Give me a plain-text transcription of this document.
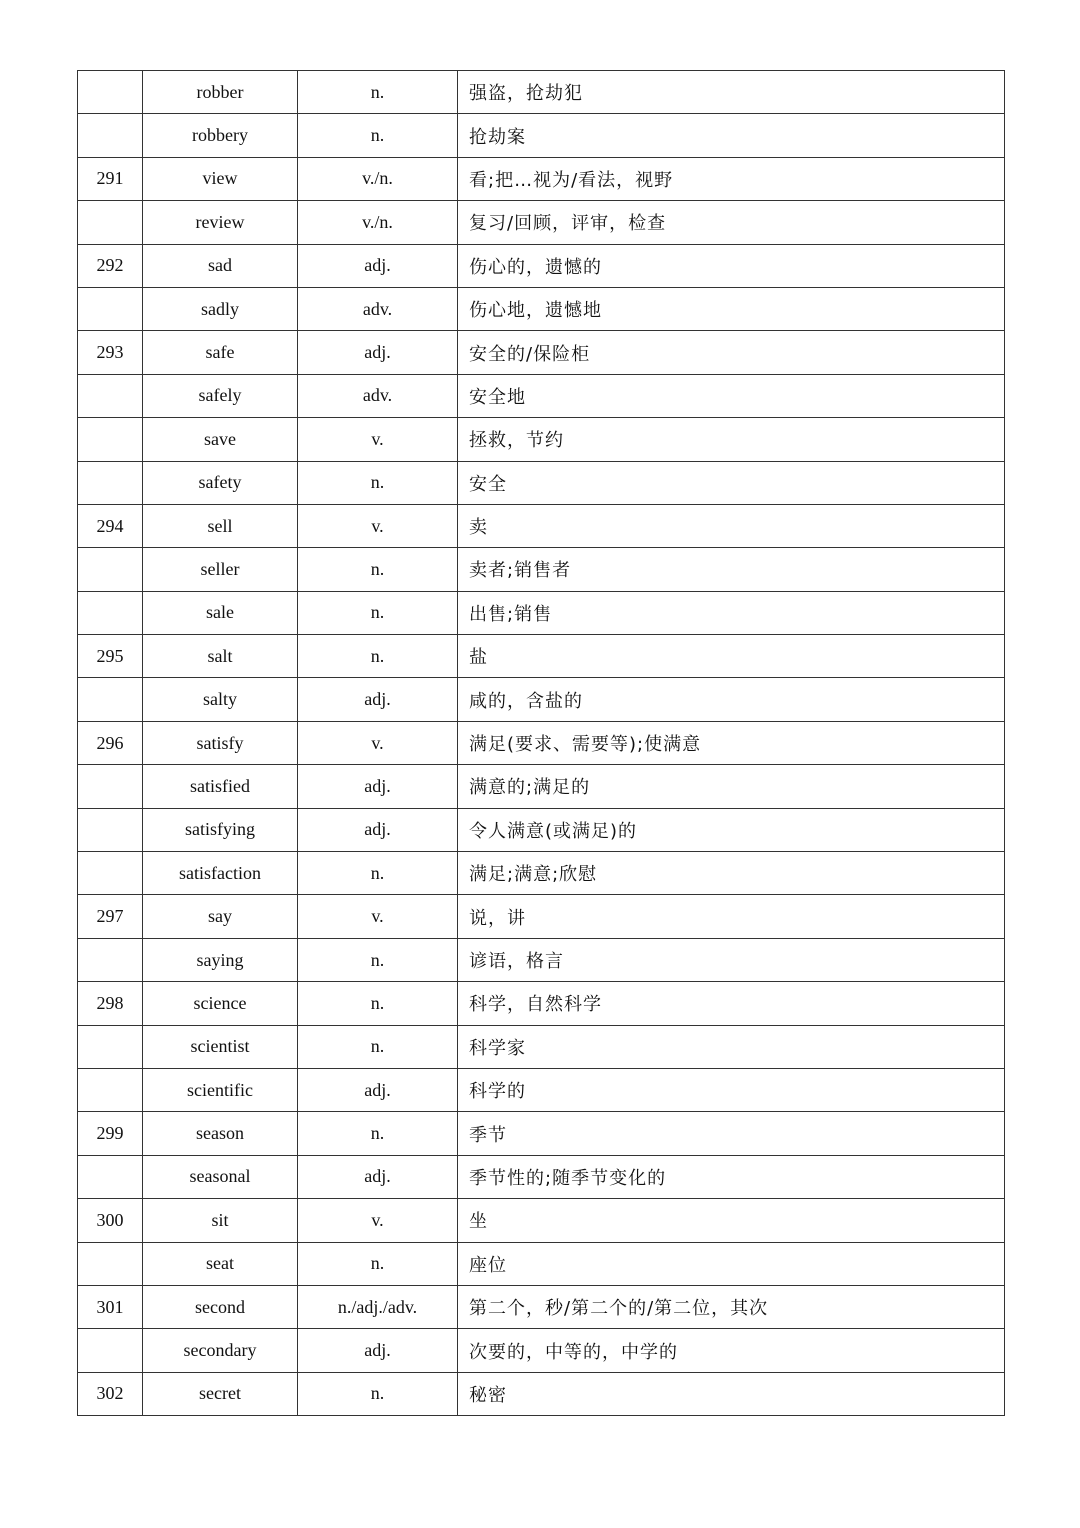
	robber	n.	强盗，抢劫犯
	robbery	n.	抢劫案
291	view	v./n.	看;把…视为/看法，视野
	review	v./n.	复习/回顾，评审，检查
292	sad	adj.	伤心的，遗憾的
	sadly	adv.	伤心地，遗憾地
293	safe	adj.	安全的/保险柜
	safely	adv.	安全地
	save	v.	拯救，节约
	safety	n.	安全
294	sell	v.	卖
	seller	n.	卖者;销售者
	sale	n.	出售;销售
295	salt	n.	盐
	salty	adj.	咸的，含盐的
296	satisfy	v.	满足(要求、需要等);使满意
	satisfied	adj.	满意的;满足的
	satisfying	adj.	令人满意(或满足)的
	satisfaction	n.	满足;满意;欣慰
297	say	v.	说，讲
	saying	n.	谚语，格言
298	science	n.	科学，自然科学
	scientist	n.	科学家
	scientific	adj.	科学的
299	season	n.	季节
	seasonal	adj.	季节性的;随季节变化的
300	sit	v.	坐
	seat	n.	座位
301	second	n./adj./adv.	第二个，秒/第二个的/第二位，其次
	secondary	adj.	次要的，中等的，中学的
302	secret	n.	秘密
